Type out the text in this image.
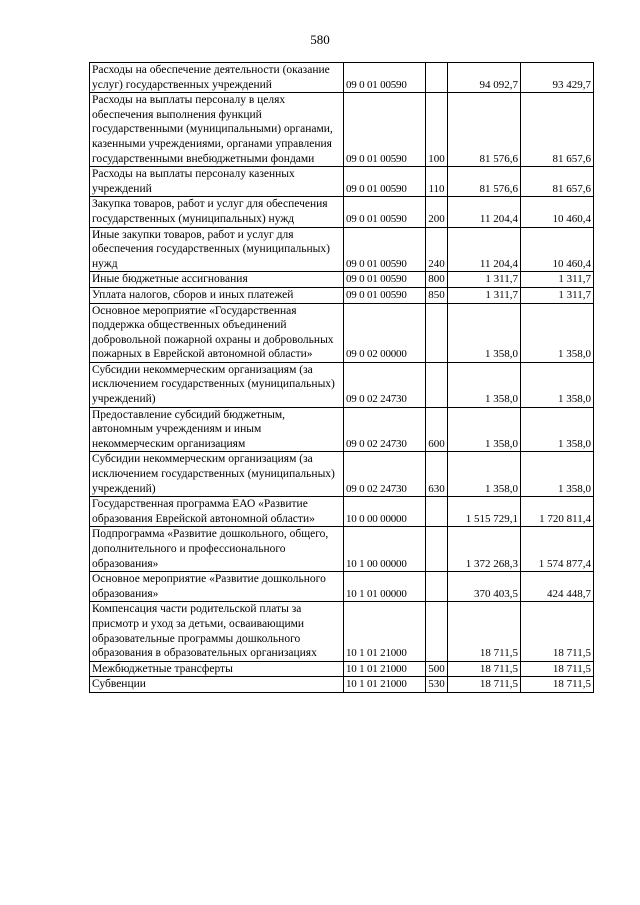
580
Расходы на обеспечение деятельности (оказание услуг) государственных учреждений	09 0 01 00590		94 092,7	93 429,7
Расходы на выплаты персоналу в целях обеспечения выполнения функций государственными (муниципальными) органами, казенными учреждениями, органами управления государственными внебюджетными фондами	09 0 01 00590	100	81 576,6	81 657,6
Расходы на выплаты персоналу казенных учреждений	09 0 01 00590	110	81 576,6	81 657,6
Закупка товаров, работ и услуг для обеспечения государственных (муниципальных) нужд	09 0 01 00590	200	11 204,4	10 460,4
Иные закупки товаров, работ и услуг для обеспечения государственных (муниципальных) нужд	09 0 01 00590	240	11 204,4	10 460,4
Иные бюджетные ассигнования	09 0 01 00590	800	1 311,7	1 311,7
Уплата налогов, сборов и иных платежей	09 0 01 00590	850	1 311,7	1 311,7
Основное мероприятие «Государственная поддержка общественных объединений добровольной пожарной охраны и добровольных пожарных в Еврейской автономной области»	09 0 02 00000		1 358,0	1 358,0
Субсидии некоммерческим организациям (за исключением государственных (муниципальных) учреждений)	09 0 02 24730		1 358,0	1 358,0
Предоставление субсидий бюджетным, автономным учреждениям и иным некоммерческим организациям	09 0 02 24730	600	1 358,0	1 358,0
Субсидии некоммерческим организациям (за исключением государственных (муниципальных) учреждений)	09 0 02 24730	630	1 358,0	1 358,0
Государственная программа ЕАО «Развитие образования Еврейской автономной области»	10 0 00 00000		1 515 729,1	1 720 811,4
Подпрограмма «Развитие дошкольного, общего, дополнительного и профессионального образования»	10 1 00 00000		1 372 268,3	1 574 877,4
Основное мероприятие «Развитие дошкольного образования»	10 1 01 00000		370 403,5	424 448,7
Компенсация части родительской платы за присмотр и уход за детьми, осваивающими образовательные программы дошкольного образования в образовательных организациях	10 1 01 21000		18 711,5	18 711,5
Межбюджетные трансферты	10 1 01 21000	500	18 711,5	18 711,5
Субвенции	10 1 01 21000	530	18 711,5	18 711,5
